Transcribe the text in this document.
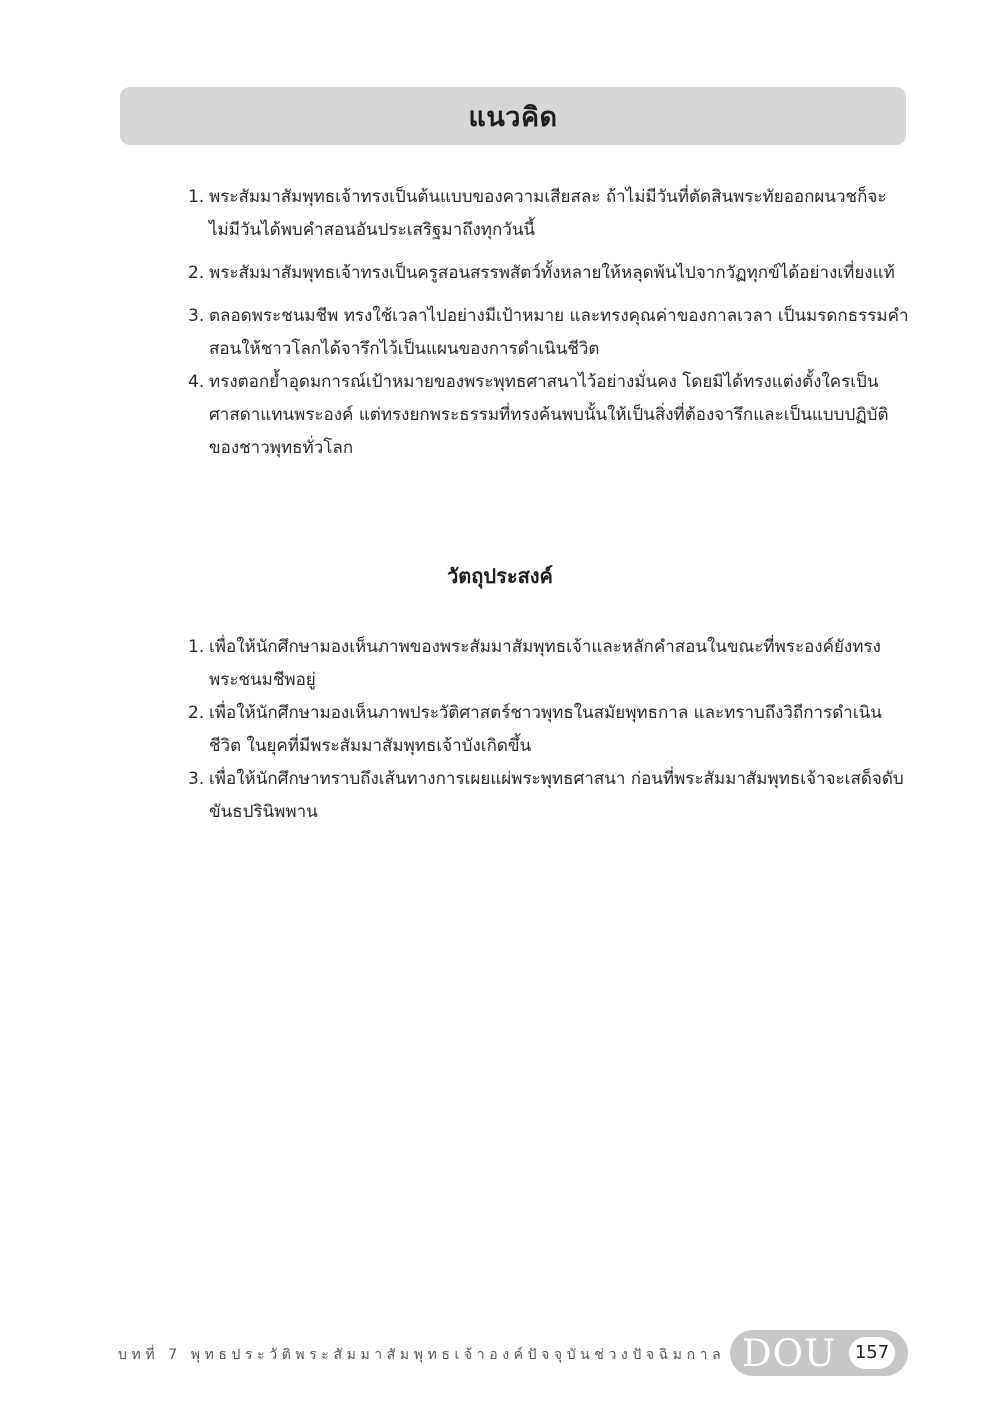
แนวคิด
1. พระสัมมาสัมพุทธเจ้าทรงเป็นต้นแบบของความเสียสละ ถ้าไม่มีวันที่ตัดสินพระทัยออกผนวชก็จะไม่มีวันได้พบคำสอนอันประเสริฐมาถึงทุกวันนี้
2. พระสัมมาสัมพุทธเจ้าทรงเป็นครูสอนสรรพสัตว์ทั้งหลายให้หลุดพ้นไปจากวัฏทุกข์ได้อย่างเที่ยงแท้
3. ตลอดพระชนมชีพ ทรงใช้เวลาไปอย่างมีเป้าหมาย และทรงคุณค่าของกาลเวลา เป็นมรดกธรรมคำสอนให้ชาวโลกได้จารึกไว้เป็นแผนของการดำเนินชีวิต
4. ทรงตอกย้ำอุดมการณ์เป้าหมายของพระพุทธศาสนาไว้อย่างมั่นคง โดยมิได้ทรงแต่งตั้งใครเป็นศาสดาแทนพระองค์ แต่ทรงยกพระธรรมที่ทรงค้นพบนั้นให้เป็นสิ่งที่ต้องจารึกและเป็นแบบปฏิบัติของชาวพุทธทั่วโลก
วัตถุประสงค์
1. เพื่อให้นักศึกษามองเห็นภาพของพระสัมมาสัมพุทธเจ้าและหลักคำสอนในขณะที่พระองค์ยังทรงพระชนมชีพอยู่
2. เพื่อให้นักศึกษามองเห็นภาพประวัติศาสตร์ชาวพุทธในสมัยพุทธกาล และทราบถึงวิถีการดำเนินชีวิต ในยุคที่มีพระสัมมาสัมพุทธเจ้าบังเกิดขึ้น
3. เพื่อให้นักศึกษาทราบถึงเส้นทางการเผยแผ่พระพุทธศาสนา ก่อนที่พระสัมมาสัมพุทธเจ้าจะเสด็จดับขันธปรินิพพาน
บทที่ 7 พุทธประวัติพระสัมมาสัมพุทธเจ้าองค์ปัจจุบันช่วงปัจฉิมกาล DOU	157
